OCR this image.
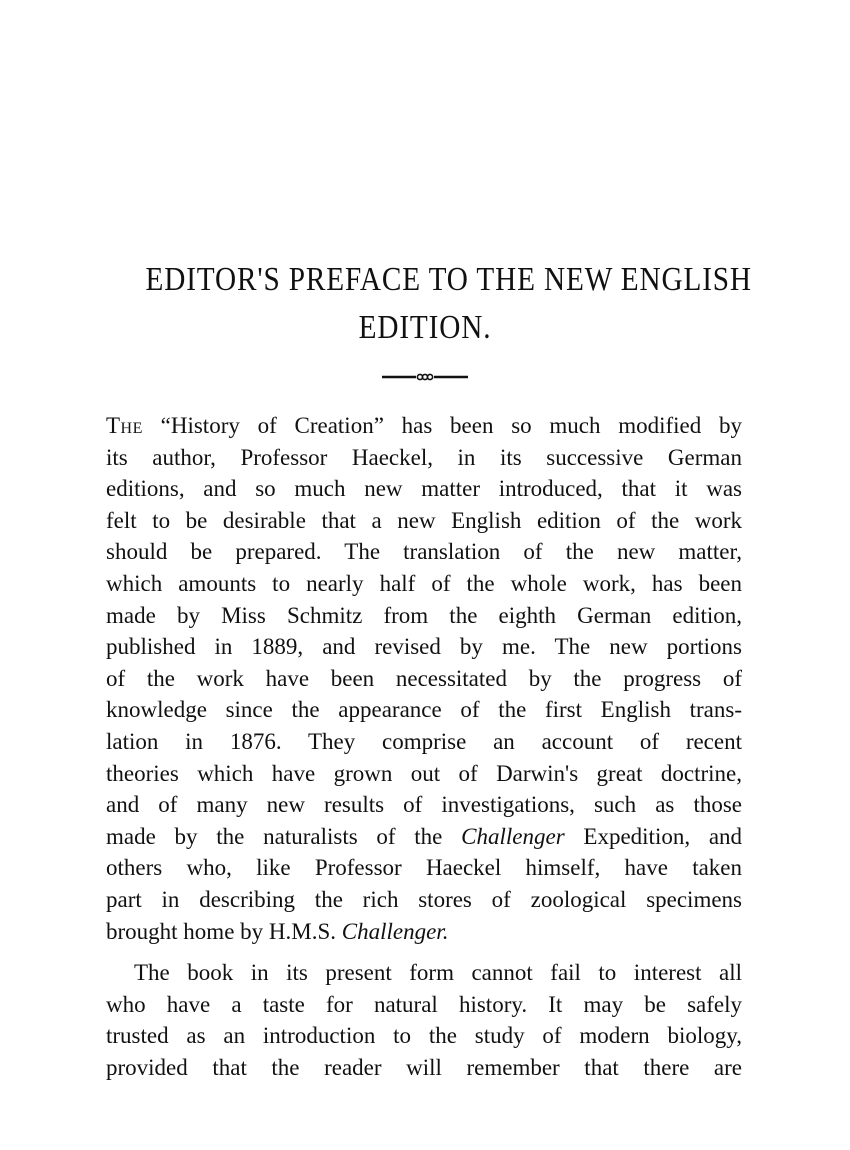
EDITOR'S PREFACE TO THE NEW ENGLISH
EDITION.
The “History of Creation” has been so much modified by
its author, Professor Haeckel, in its successive German
editions, and so much new matter introduced, that it was
felt to be desirable that a new English edition of the work
should be prepared. The translation of the new matter,
which amounts to nearly half of the whole work, has been
made by Miss Schmitz from the eighth German edition,
published in 1889, and revised by me. The new portions
of the work have been necessitated by the progress of
knowledge since the appearance of the first English trans-
lation in 1876. They comprise an account of recent
theories which have grown out of Darwin's great doctrine,
and of many new results of investigations, such as those
made by the naturalists of the Challenger Expedition, and
others who, like Professor Haeckel himself, have taken
part in describing the rich stores of zoological specimens
brought home by H.M.S. Challenger.
The book in its present form cannot fail to interest all
who have a taste for natural history. It may be safely
trusted as an introduction to the study of modern biology,
provided that the reader will remember that there are
